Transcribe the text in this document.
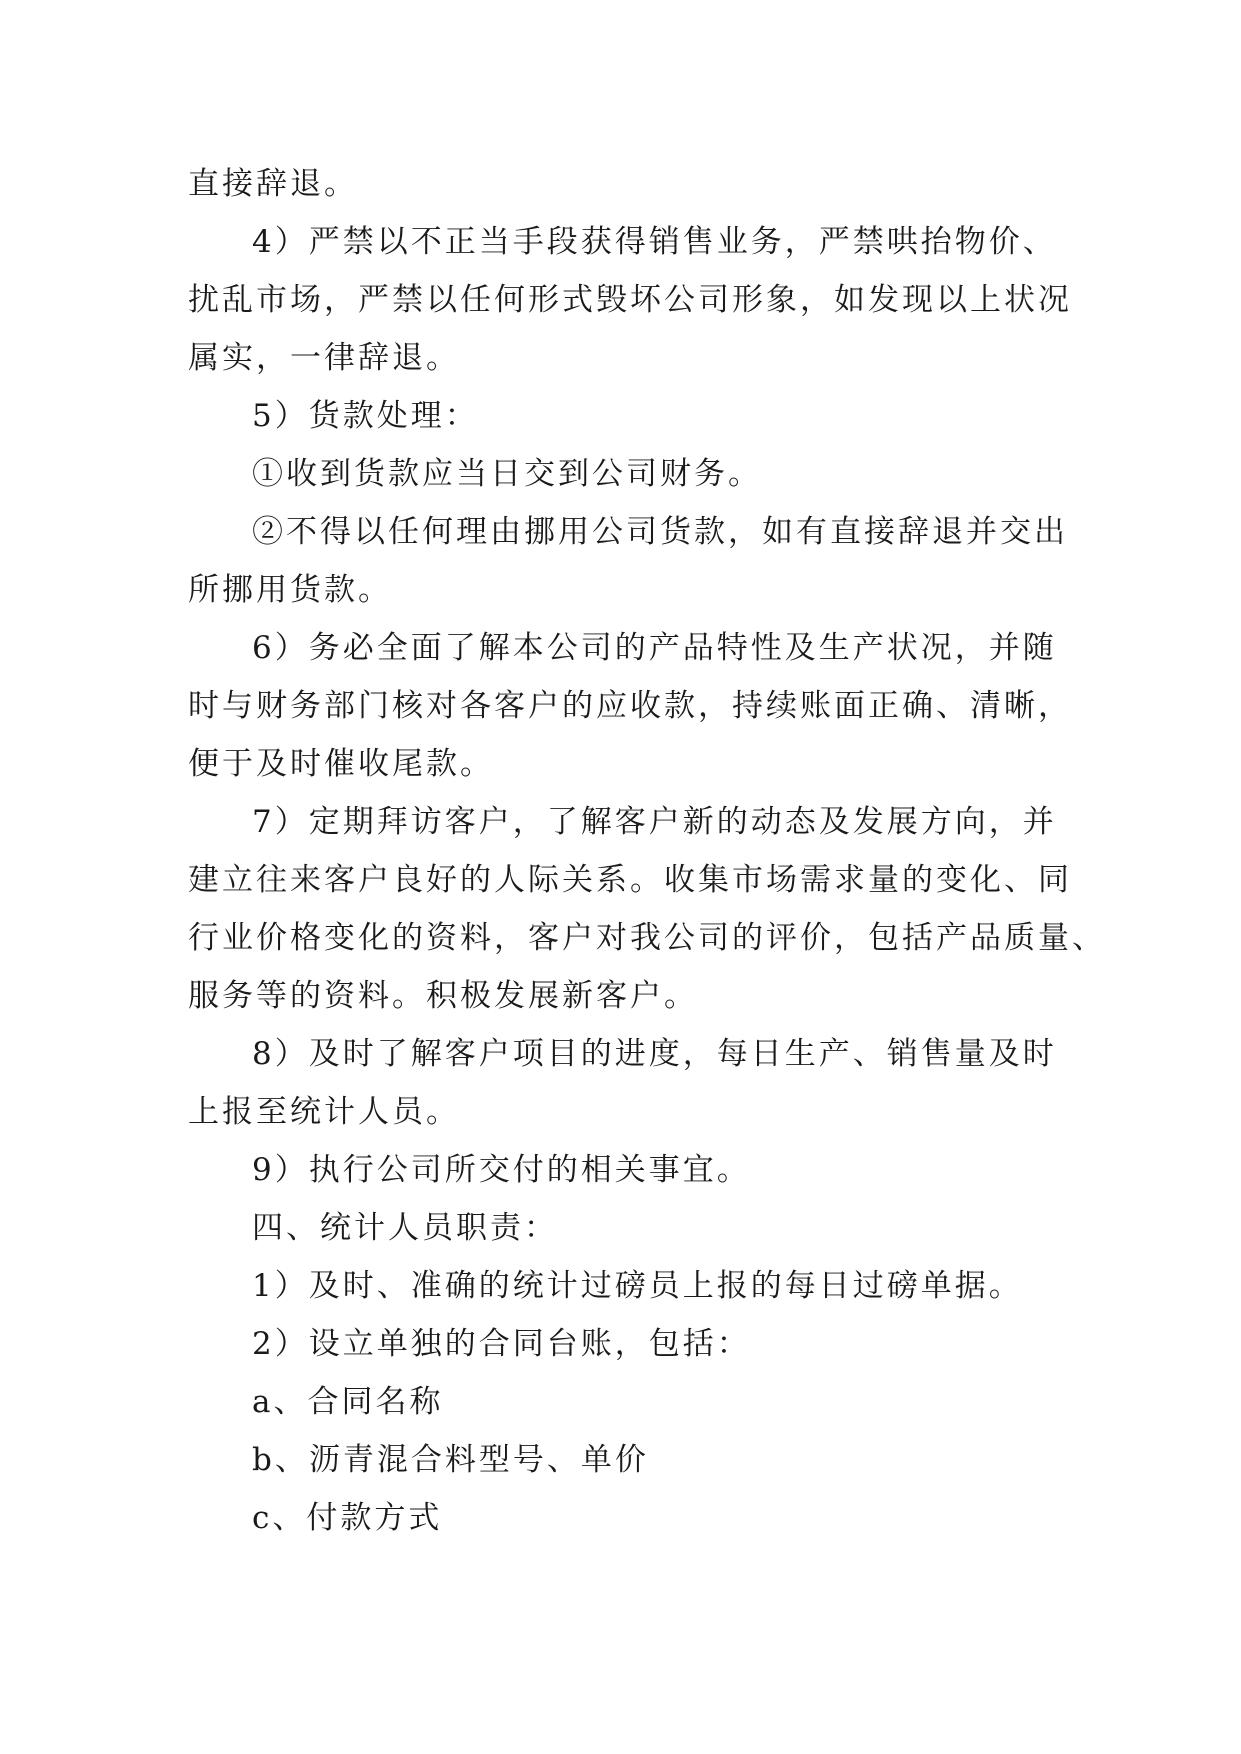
直接辞退。

4）严禁以不正当手段获得销售业务，严禁哄抬物价、

扰乱市场，严禁以任何形式毁坏公司形象，如发现以上状况

属实，一律辞退。

5）货款处理：

①收到货款应当日交到公司财务。

②不得以任何理由挪用公司货款，如有直接辞退并交出

所挪用货款。

6）务必全面了解本公司的产品特性及生产状况，并随

时与财务部门核对各客户的应收款，持续账面正确、清晰，

便于及时催收尾款。

7）定期拜访客户，了解客户新的动态及发展方向，并

建立往来客户良好的人际关系。收集市场需求量的变化、同

行业价格变化的资料，客户对我公司的评价，包括产品质量、

服务等的资料。积极发展新客户。

8）及时了解客户项目的进度，每日生产、销售量及时

上报至统计人员。

9）执行公司所交付的相关事宜。

四、统计人员职责：

1）及时、准确的统计过磅员上报的每日过磅单据。

2）设立单独的合同台账，包括：

a、合同名称

b、沥青混合料型号、单价

c、付款方式
